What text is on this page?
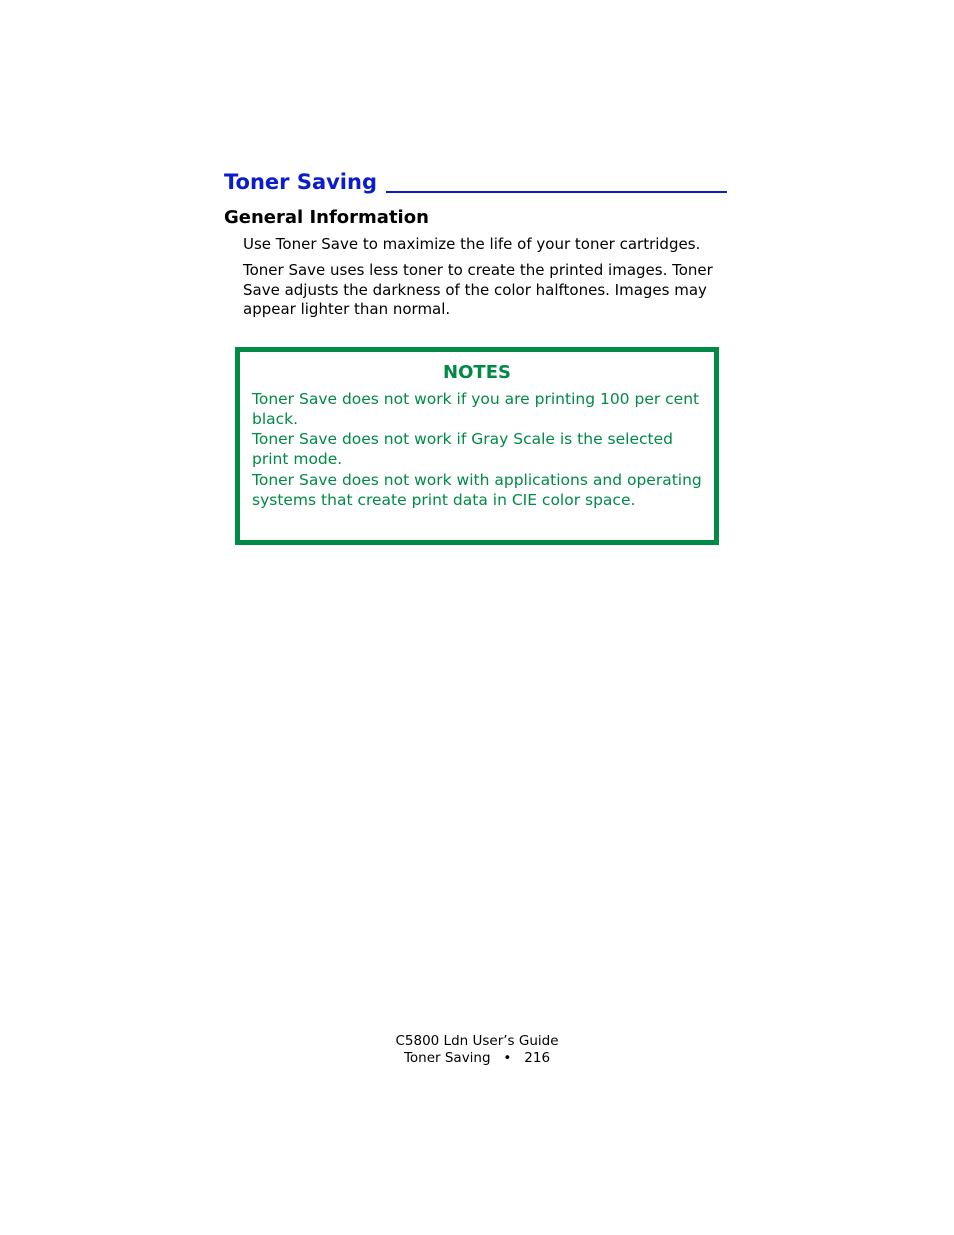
Toner Saving
General Information

Use Toner Save to maximize the life of your toner cartridges.

Toner Save uses less toner to create the printed images. Toner Save adjusts the darkness of the color halftones. Images may appear lighter than normal.

NOTES

Toner Save does not work if you are printing 100 per cent black.

Toner Save does not work if Gray Scale is the selected print mode.

Toner Save does not work with applications and operating systems that create print data in CIE color space.

C5800 Ldn User’s Guide
Toner Saving   •   216
